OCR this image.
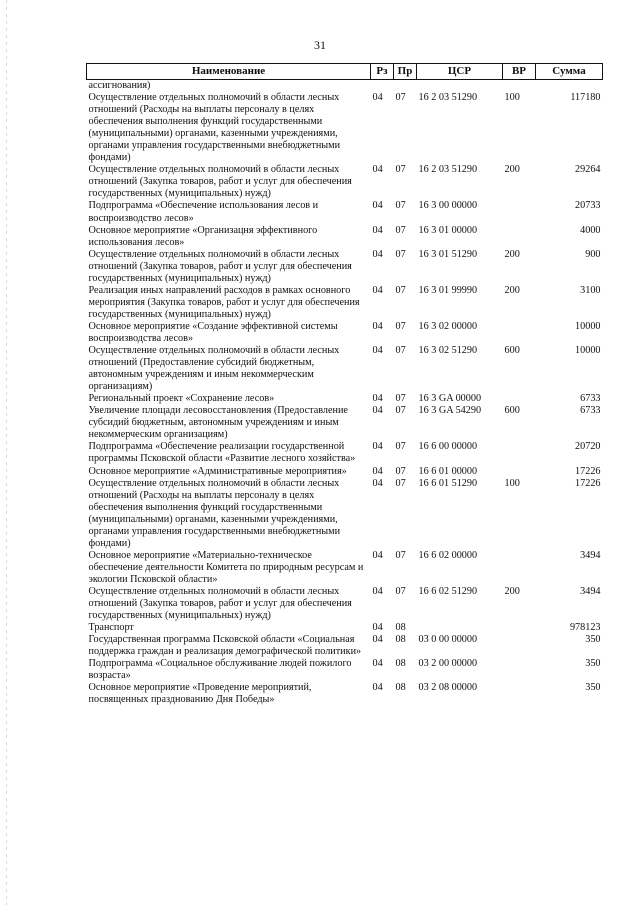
31
Наименование	Рз	Пр	ЦСР	ВР	Сумма
ассигнования)					
Осуществление отдельных полномочий в области лесных отношений (Расходы на выплаты персоналу в целях обеспечения выполнения функций государственными (муниципальными) органами, казенными учреждениями, органами управления государственными внебюджетными фондами)	04	07	16 2 03 51290	100	117180
Осуществление отдельных полномочий в области лесных отношений (Закупка товаров, работ и услуг для обеспечения государственных (муниципальных) нужд)	04	07	16 2 03 51290	200	29264
Подпрограмма «Обеспечение использования лесов и воспроизводство лесов»	04	07	16 3 00 00000		20733
Основное мероприятие «Организацня эффективного использования лесов»	04	07	16 3 01 00000		4000
Осуществление отдельных полномочий в области лесных отношений (Закупка товаров, работ и услуг для обеспечения государственных (муниципальных) нужд)	04	07	16 3 01 51290	200	900
Реализация иных направлений расходов в рамках основного мероприятия (Закупка товаров, работ и услуг для обеспечения государственных (муниципальных) нужд)	04	07	16 3 01 99990	200	3100
Основное мероприятие «Создание эффективной системы воспроизводства лесов»	04	07	16 3 02 00000		10000
Осуществление отдельных полномочий в области лесных отношений (Предоставление субсидий бюджетным, автономным учреждениям и иным некоммерческим организациям)	04	07	16 3 02 51290	600	10000
Региональный проект «Сохранение лесов»	04	07	16 3 GA 00000		6733
Увеличение площади лесовосстановления (Предоставление субсидий бюджетным, автономным учреждениям и иным некоммерческим организациям)	04	07	16 3 GA 54290	600	6733
Подпрограмма «Обеспечение реализации государственной программы Псковской области «Развитие лесного хозяйства»	04	07	16 6 00 00000		20720
Основное мероприятие «Административные мероприятия»	04	07	16 6 01 00000		17226
Осуществление отдельных полномочий в области лесных отношений (Расходы на выплаты персоналу в целях обеспечения выполнения функций государственными (муниципальными) органами, казенными учреждениями, органами управления государственными внебюджетными фондами)	04	07	16 6 01 51290	100	17226
Основное мероприятие «Материально-техническое обеспечение деятельности Комитета по природным ресурсам и экологии Псковской области»	04	07	16 6 02 00000		3494
Осуществление отдельных полномочий в области лесных отношений (Закупка товаров, работ и услуг для обеспечения государственных (муниципальных) нужд)	04	07	16 6 02 51290	200	3494
Транспорт	04	08			978123
Государственная программа Псковской области «Социальная поддержка граждан и реализация демографической политики»	04	08	03 0 00 00000		350
Подпрограмма «Социальное обслуживание людей пожилого возраста»	04	08	03 2 00 00000		350
Основное мероприятие «Проведение мероприятий, посвященных празднованию Дня Победы»	04	08	03 2 08 00000		350
